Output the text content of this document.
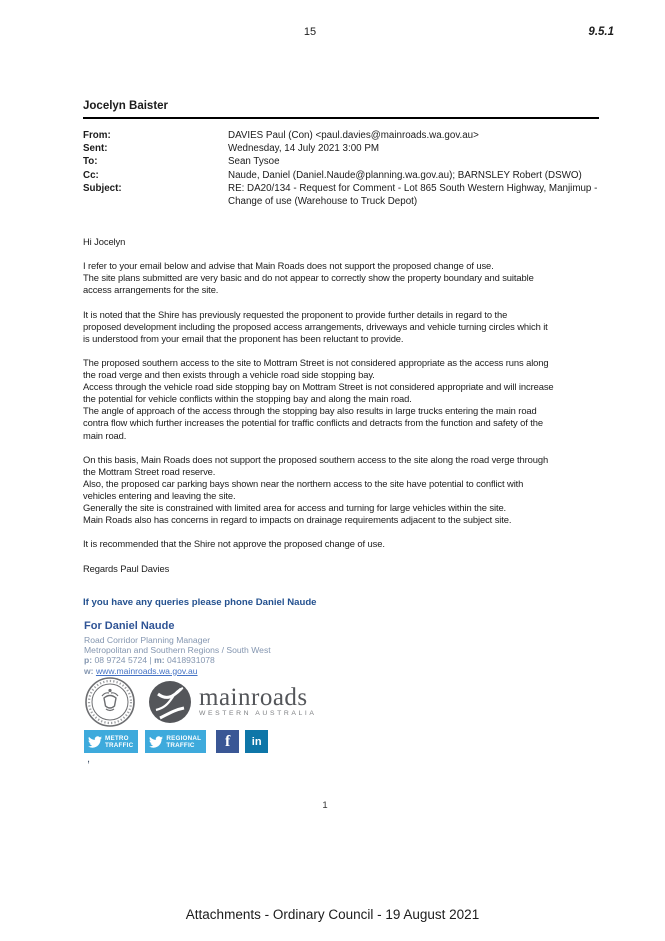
15	9.5.1
Jocelyn Baister
From:	DAVIES Paul (Con) <paul.davies@mainroads.wa.gov.au>
Sent:	Wednesday, 14 July 2021 3:00 PM
To:	Sean Tysoe
Cc:	Naude, Daniel (Daniel.Naude@planning.wa.gov.au); BARNSLEY Robert (DSWO)
Subject:	RE: DA20/134 - Request for Comment - Lot 865 South Western Highway, Manjimup - Change of use (Warehouse to Truck Depot)
Hi Jocelyn
I refer to your email below and advise that Main Roads does not support the proposed change of use.
The site plans submitted are very basic and do not appear to correctly show the property boundary and suitable
access arrangements for the site.
It is noted that the Shire has previously requested the proponent to provide further details in regard to the
proposed development including the proposed access arrangements, driveways and vehicle turning circles which it
is understood from your email that the proponent has been reluctant to provide.
The proposed southern access to the site to Mottram Street is not considered appropriate as the access runs along
the road verge and then exists through a vehicle road side stopping bay.
Access through the vehicle road side stopping bay on Mottram Street is not considered appropriate and will increase
the potential for vehicle conflicts within the stopping bay and along the main road.
The angle of approach of the access through the stopping bay also results in large trucks entering the main road
contra flow which further increases the potential for traffic conflicts and detracts from the function and safety of the
main road.
On this basis, Main Roads does not support the proposed southern access to the site along the road verge through
the Mottram Street road reserve.
Also, the proposed car parking bays shown near the northern access to the site have potential to conflict with
vehicles entering and leaving the site.
Generally the site is constrained with limited area for access and turning for large vehicles within the site.
Main Roads also has concerns in regard to impacts on drainage requirements adjacent to the subject site.
It is recommended that the Shire not approve the proposed change of use.
Regards Paul Davies
If you have any queries please phone Daniel Naude
For Daniel Naude
Road Corridor Planning Manager
Metropolitan and Southern Regions / South West
p: 08 9724 5724 | m: 0418931078
w: www.mainroads.wa.gov.au
mainroads
WESTERN AUSTRALIA
METRO
TRAFFIC
REGIONAL
TRAFFIC	f in
,
1
Attachments - Ordinary Council - 19 August 2021
